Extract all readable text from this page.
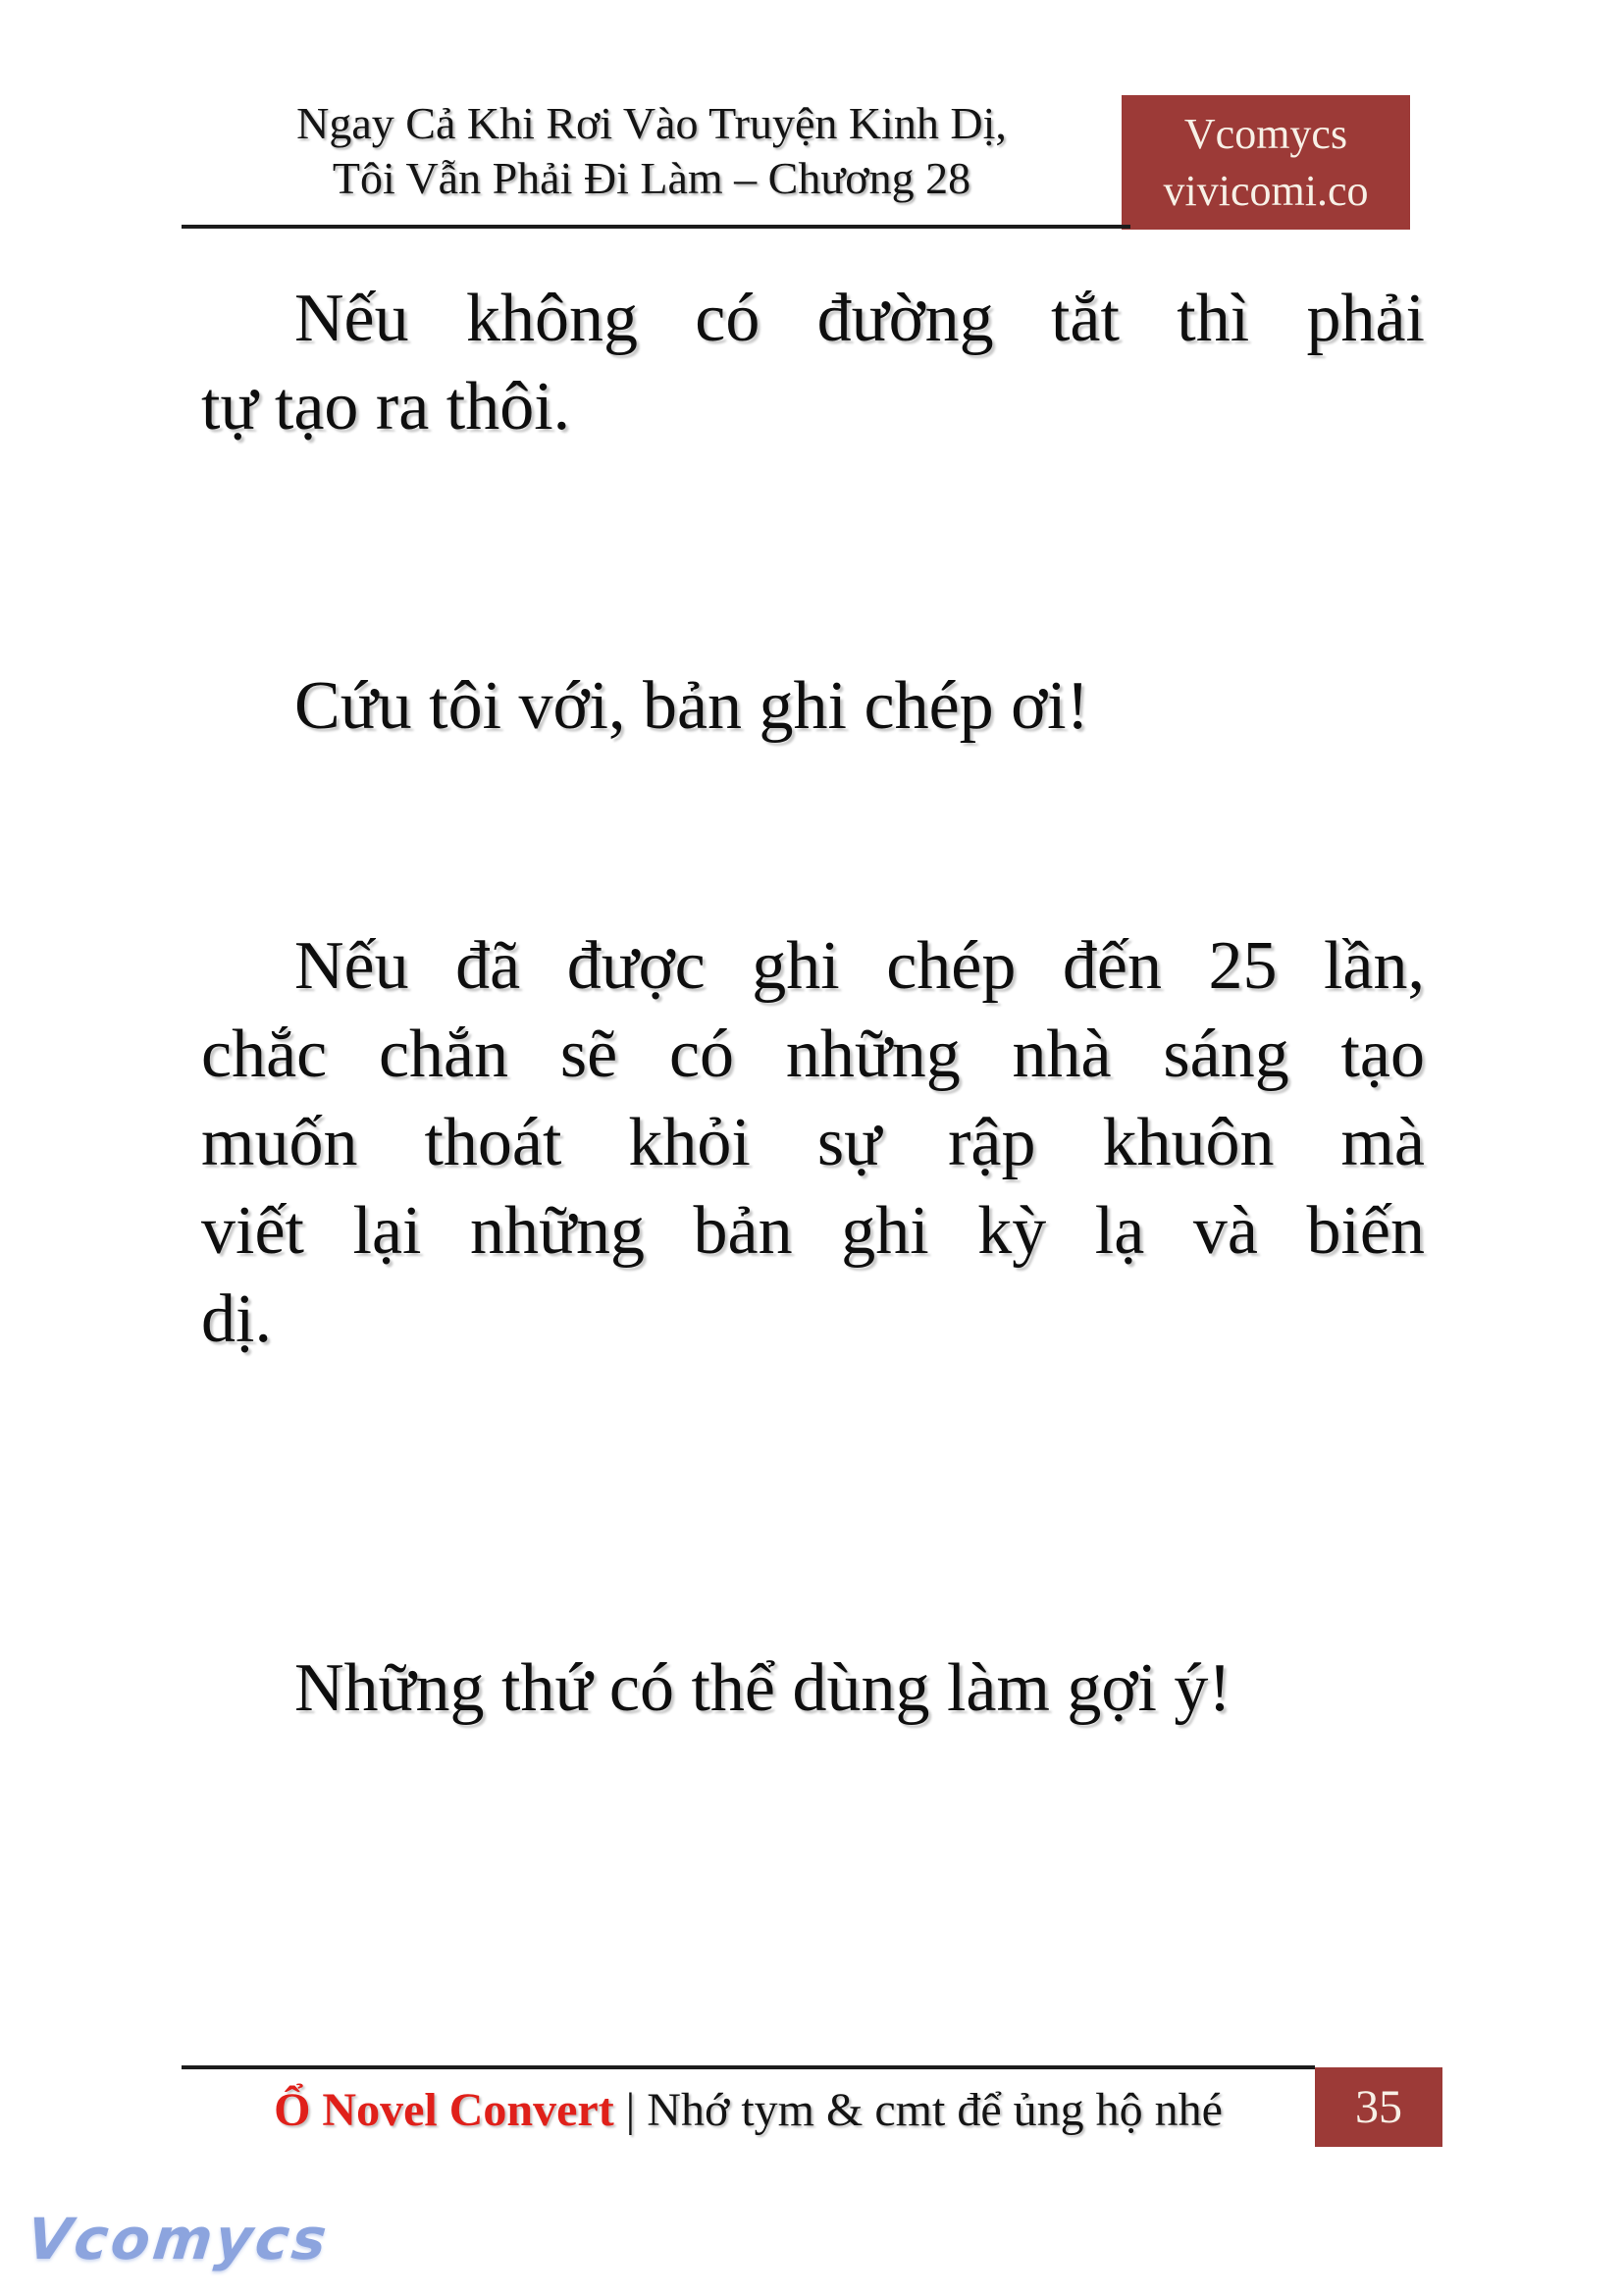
Ngay Cả Khi Rơi Vào Truyện Kinh Dị,
Tôi Vẫn Phải Đi Làm – Chương 28
Vcomycs
vivicomi.co
Nếu không có đường tắt thì phải
tự tạo ra thôi.
Cứu tôi với, bản ghi chép ơi!
Nếu đã được ghi chép đến 25 lần,
chắc chắn sẽ có những nhà sáng tạo
muốn thoát khỏi sự rập khuôn mà
viết lại những bản ghi kỳ lạ và biến
dị.
Những thứ có thể dùng làm gợi ý!
Ổ Novel Convert | Nhớ tym & cmt để ủng hộ nhé	35
Vcomycs
